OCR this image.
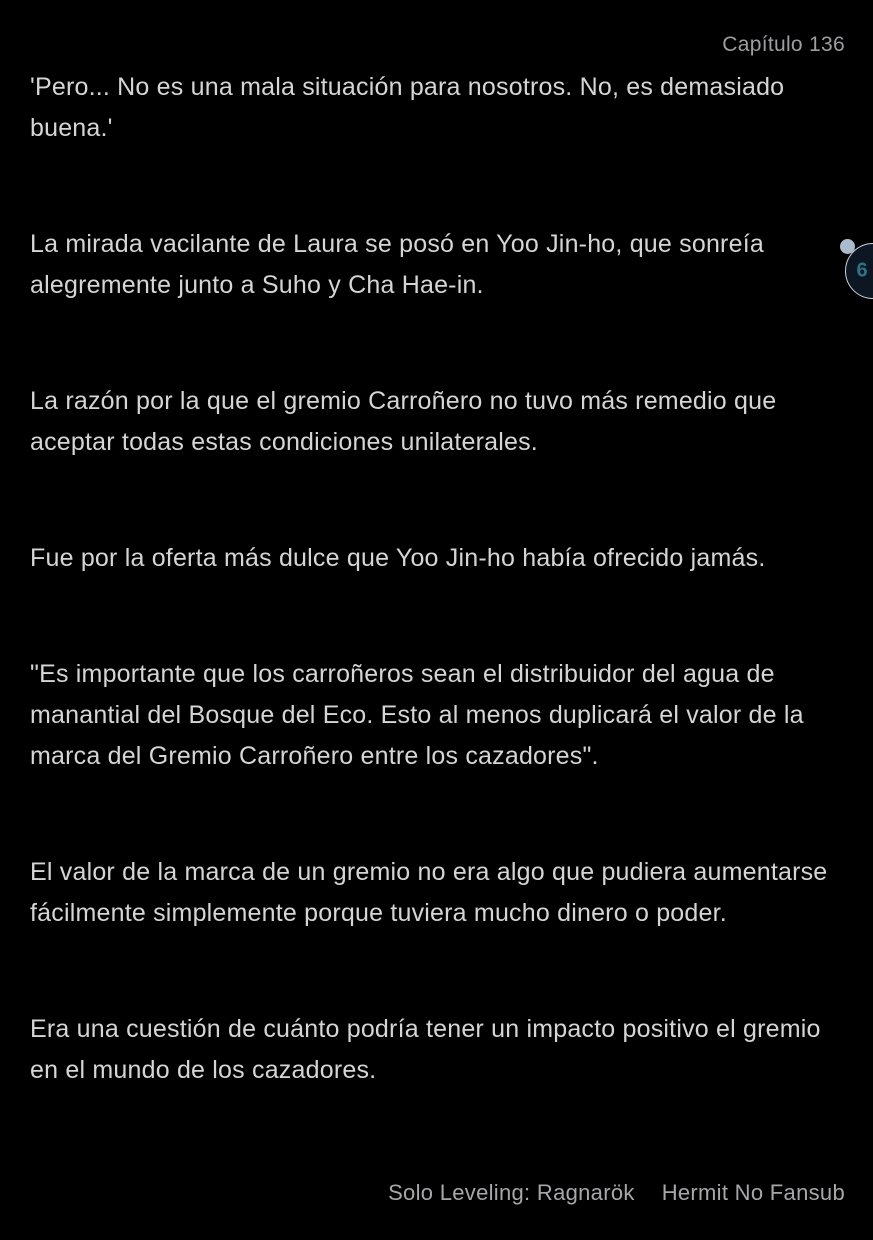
Capítulo 136

'Pero... No es una mala situación para nosotros. No, es demasiado buena.'

La mirada vacilante de Laura se posó en Yoo Jin-ho, que sonreía alegremente junto a Suho y Cha Hae-in.

La razón por la que el gremio Carroñero no tuvo más remedio que aceptar todas estas condiciones unilaterales.

Fue por la oferta más dulce que Yoo Jin-ho había ofrecido jamás.

"Es importante que los carroñeros sean el distribuidor del agua de manantial del Bosque del Eco. Esto al menos duplicará el valor de la marca del Gremio Carroñero entre los cazadores".

El valor de la marca de un gremio no era algo que pudiera aumentarse fácilmente simplemente porque tuviera mucho dinero o poder.

Era una cuestión de cuánto podría tener un impacto positivo el gremio en el mundo de los cazadores.

6
Solo Leveling: Ragnarök Hermit No Fansub
